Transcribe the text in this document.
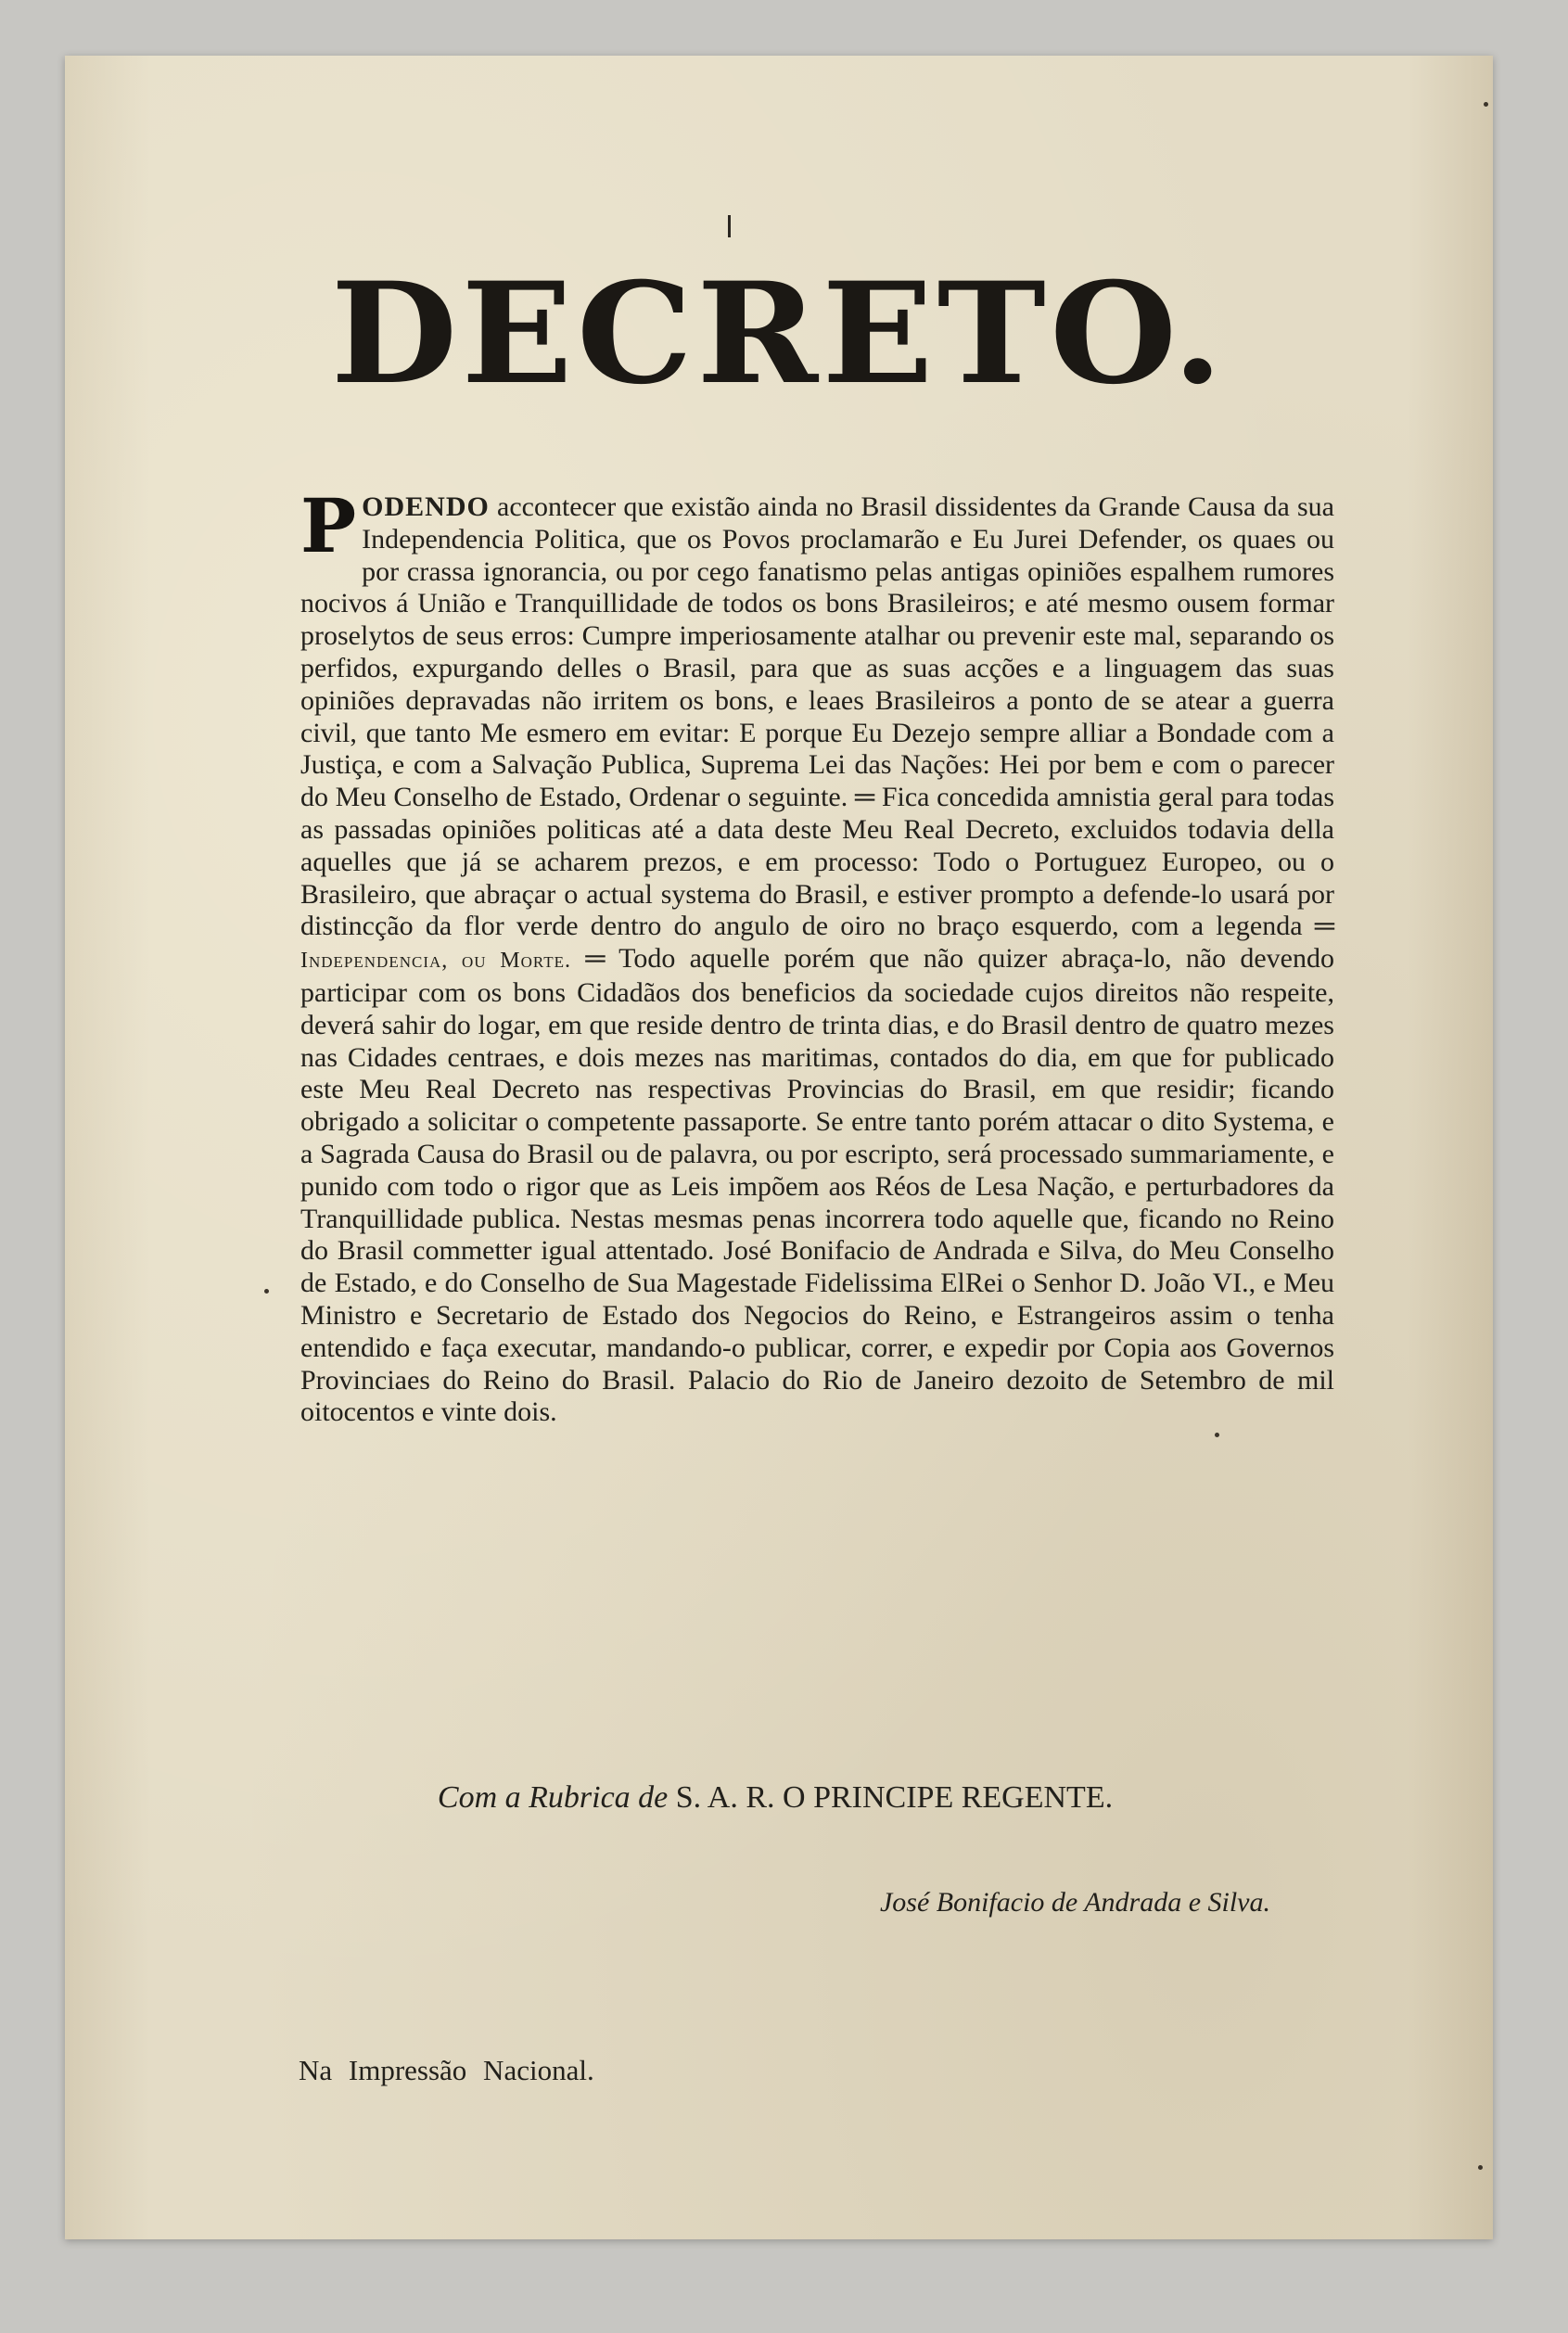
DECRETO.

PODENDO accontecer que existão ainda no Brasil dissidentes da Grande Causa da sua Independencia Politica, que os Povos proclamarão e Eu Jurei Defender, os quaes ou por crassa ignorancia, ou por cego fanatismo pelas antigas opiniões espalhem rumores nocivos á União e Tranquillidade de todos os bons Brasileiros; e até mesmo ousem formar proselytos de seus erros: Cumpre imperiosamente atalhar ou prevenir este mal, separando os perfidos, expurgando delles o Brasil, para que as suas acções e a linguagem das suas opiniões depravadas não irritem os bons, e leaes Brasileiros a ponto de se atear a guerra civil, que tanto Me esmero em evitar: E porque Eu Dezejo sempre alliar a Bondade com a Justiça, e com a Salvação Publica, Suprema Lei das Nações: Hei por bem e com o parecer do Meu Conselho de Estado, Ordenar o seguinte. ═ Fica concedida amnistia geral para todas as passadas opiniões politicas até a data deste Meu Real Decreto, excluidos todavia della aquelles que já se acharem prezos, e em processo: Todo o Portuguez Europeo, ou o Brasileiro, que abraçar o actual systema do Brasil, e estiver prompto a defende-lo usará por distincção da flor verde dentro do angulo de oiro no braço esquerdo, com a legenda ═ Independencia, ou Morte. ═ Todo aquelle porém que não quizer abraça-lo, não devendo participar com os bons Cidadãos dos beneficios da sociedade cujos direitos não respeite, deverá sahir do logar, em que reside dentro de trinta dias, e do Brasil dentro de quatro mezes nas Cidades centraes, e dois mezes nas maritimas, contados do dia, em que for publicado este Meu Real Decreto nas respectivas Provincias do Brasil, em que residir; ficando obrigado a solicitar o competente passaporte. Se entre tanto porém attacar o dito Systema, e a Sagrada Causa do Brasil ou de palavra, ou por escripto, será processado summariamente, e punido com todo o rigor que as Leis impõem aos Réos de Lesa Nação, e perturbadores da Tranquillidade publica. Nestas mesmas penas incorrera todo aquelle que, ficando no Reino do Brasil commetter igual attentado. José Bonifacio de Andrada e Silva, do Meu Conselho de Estado, e do Conselho de Sua Magestade Fidelissima ElRei o Senhor D. João VI., e Meu Ministro e Secretario de Estado dos Negocios do Reino, e Estrangeiros assim o tenha entendido e faça executar, mandando-o publicar, correr, e expedir por Copia aos Governos Provinciaes do Reino do Brasil. Palacio do Rio de Janeiro dezoito de Setembro de mil oitocentos e vinte dois.

Com a Rubrica de S. A. R. O PRINCIPE REGENTE.
José Bonifacio de Andrada e Silva.
Na Impressão Nacional.
